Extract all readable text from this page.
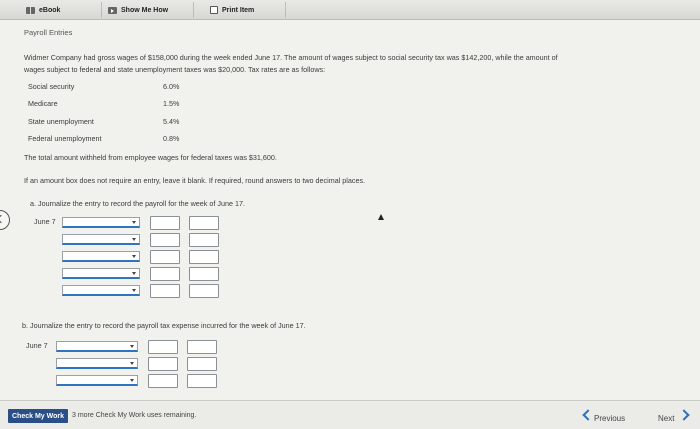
eBook	Show Me How	Print Item
Payroll Entries
Widmer Company had gross wages of $158,000 during the week ended June 17. The amount of wages subject to social security tax was $142,200, while the amount of
wages subject to federal and state unemployment taxes was $20,000. Tax rates are as follows:
Social security	6.0%
Medicare	1.5%
State unemployment	5.4%
Federal unemployment	0.8%
The total amount withheld from employee wages for federal taxes was $31,600.
If an amount box does not require an entry, leave it blank. If required, round answers to two decimal places.
a. Journalize the entry to record the payroll for the week of June 17.
June 7
b. Journalize the entry to record the payroll tax expense incurred for the week of June 17.
June 7
Check My Work	3 more Check My Work uses remaining.	Previous	Next
